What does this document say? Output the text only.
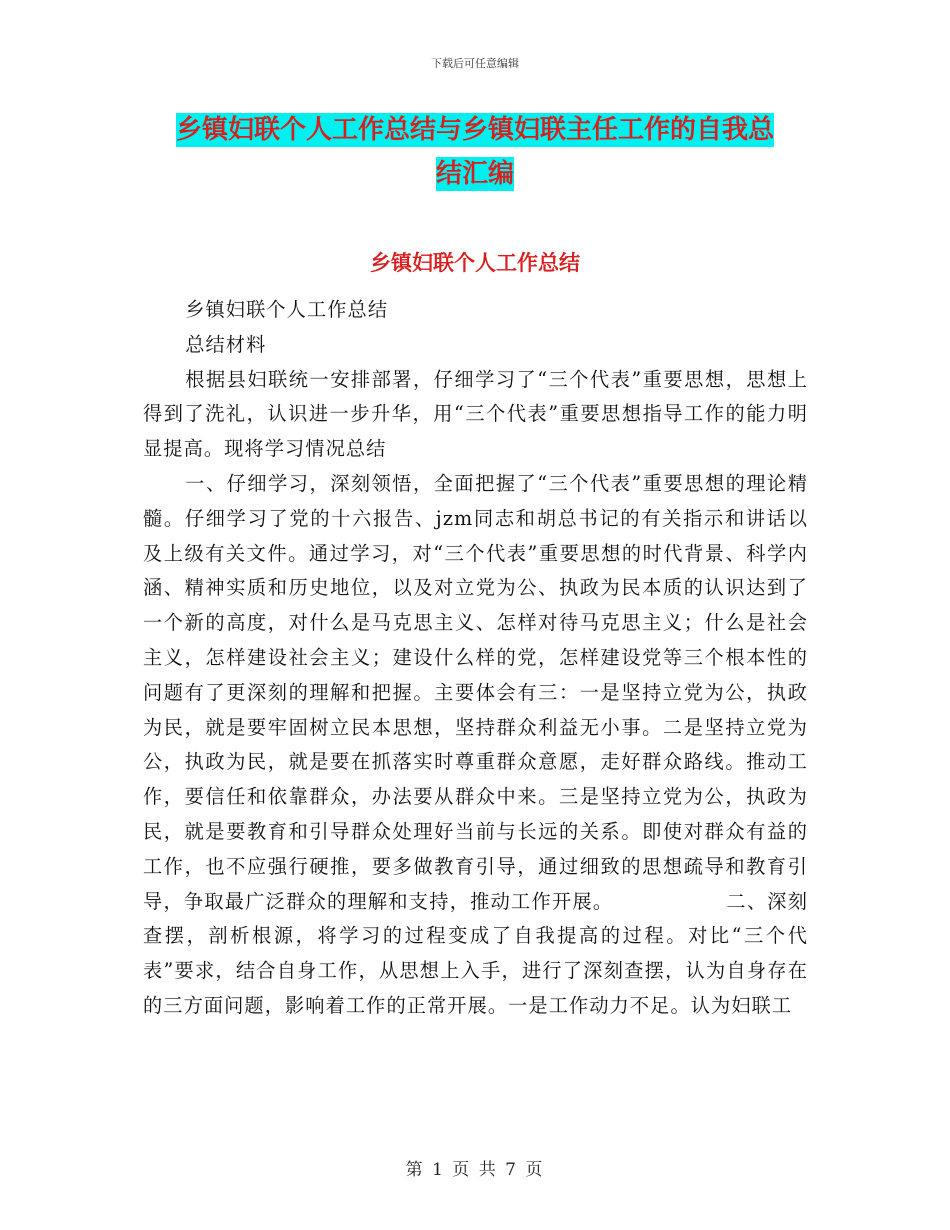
下载后可任意编辑
乡镇妇联个人工作总结与乡镇妇联主任工作的自我总
结汇编
乡镇妇联个人工作总结

乡镇妇联个人工作总结

总结材料

根据县妇联统一安排部署，仔细学习了“三个代表”重要思想，思想上得到了洗礼，认识进一步升华，用“三个代表”重要思想指导工作的能力明显提高。现将学习情况总结

一、仔细学习，深刻领悟，全面把握了“三个代表”重要思想的理论精髓。仔细学习了党的十六报告、jzm同志和胡总书记的有关指示和讲话以及上级有关文件。通过学习，对“三个代表”重要思想的时代背景、科学内涵、精神实质和历史地位，以及对立党为公、执政为民本质的认识达到了一个新的高度，对什么是马克思主义、怎样对待马克思主义；什么是社会主义，怎样建设社会主义；建设什么样的党，怎样建设党等三个根本性的问题有了更深刻的理解和把握。主要体会有三：一是坚持立党为公，执政为民，就是要牢固树立民本思想，坚持群众利益无小事。二是坚持立党为公，执政为民，就是要在抓落实时尊重群众意愿，走好群众路线。推动工作，要信任和依靠群众，办法要从群众中来。三是坚持立党为公，执政为民，就是要教育和引导群众处理好当前与长远的关系。即使对群众有益的工作，也不应强行硬推，要多做教育引导，通过细致的思想疏导和教育引导，争取最广泛群众的理解和支持，推动工作开展。　　　　　　二、深刻查摆，剖析根源，将学习的过程变成了自我提高的过程。对比“三个代表”要求，结合自身工作，从思想上入手，进行了深刻查摆，认为自身存在的三方面问题，影响着工作的正常开展。一是工作动力不足。认为妇联工

第 1 页 共 7 页
